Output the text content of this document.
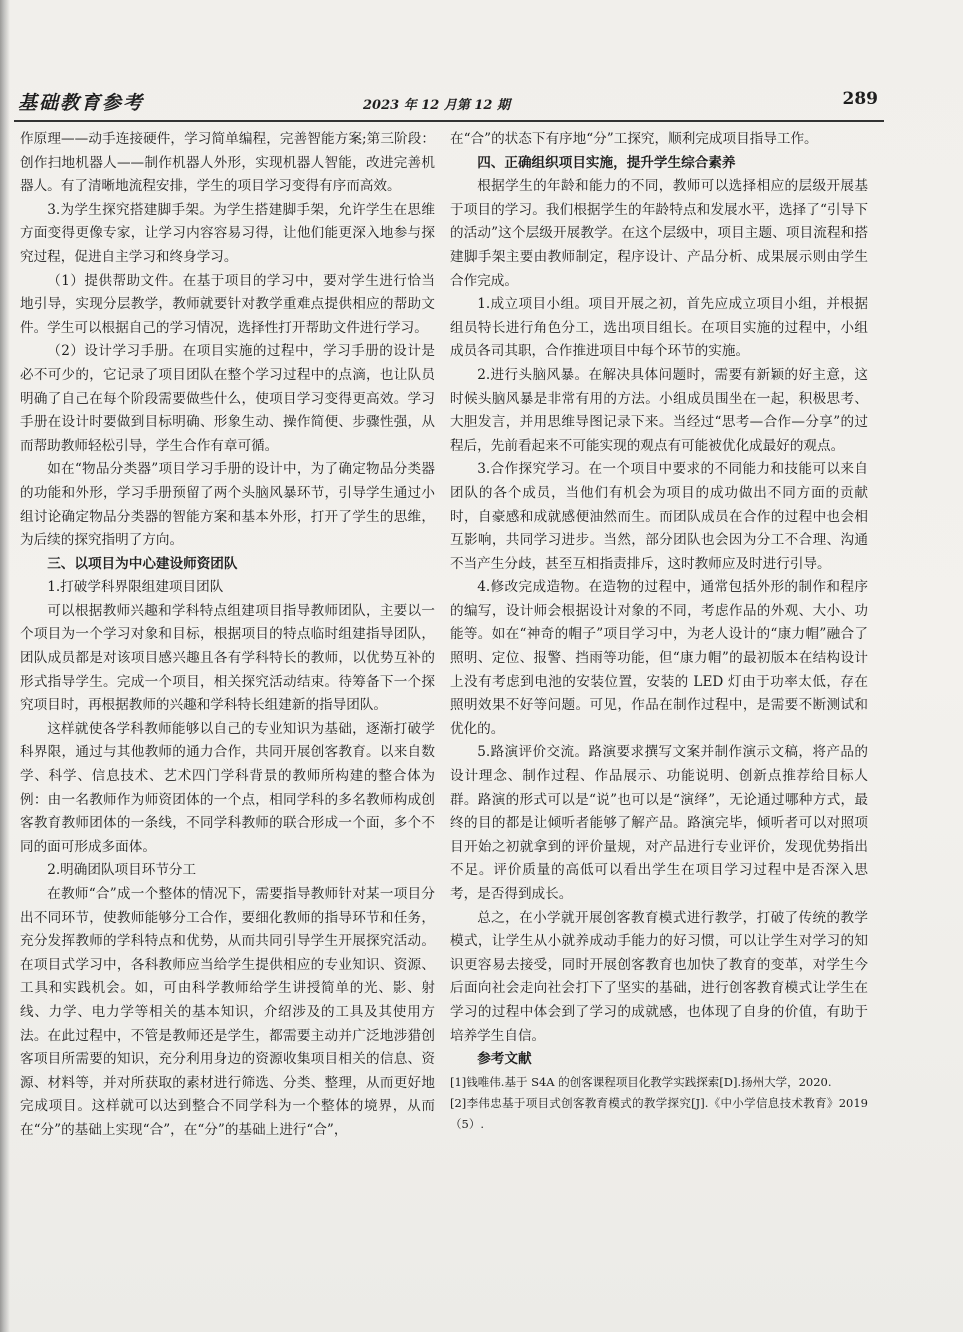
基础教育参考	2023 年 12 月第 12 期	289

作原理——动手连接硬件，学习简单编程，完善智能方案;第三阶段：创作扫地机器人——制作机器人外形，实现机器人智能，改进完善机器人。有了清晰地流程安排，学生的项目学习变得有序而高效。

3.为学生探究搭建脚手架。为学生搭建脚手架，允许学生在思维方面变得更像专家，让学习内容容易习得，让他们能更深入地参与探究过程，促进自主学习和终身学习。

（1）提供帮助文件。在基于项目的学习中，要对学生进行恰当地引导，实现分层教学，教师就要针对教学重难点提供相应的帮助文件。学生可以根据自己的学习情况，选择性打开帮助文件进行学习。

（2）设计学习手册。在项目实施的过程中，学习手册的设计是必不可少的，它记录了项目团队在整个学习过程中的点滴，也让队员明确了自己在每个阶段需要做些什么，使项目学习变得更高效。学习手册在设计时要做到目标明确、形象生动、操作简便、步骤性强，从而帮助教师轻松引导，学生合作有章可循。

如在“物品分类器”项目学习手册的设计中，为了确定物品分类器的功能和外形，学习手册预留了两个头脑风暴环节，引导学生通过小组讨论确定物品分类器的智能方案和基本外形，打开了学生的思维，为后续的探究指明了方向。

三、以项目为中心建设师资团队
1.打破学科界限组建项目团队

可以根据教师兴趣和学科特点组建项目指导教师团队，主要以一个项目为一个学习对象和目标，根据项目的特点临时组建指导团队，团队成员都是对该项目感兴趣且各有学科特长的教师，以优势互补的形式指导学生。完成一个项目，相关探究活动结束。待筹备下一个探究项目时，再根据教师的兴趣和学科特长组建新的指导团队。

这样就使各学科教师能够以自己的专业知识为基础，逐渐打破学科界限，通过与其他教师的通力合作，共同开展创客教育。以来自数学、科学、信息技术、艺术四门学科背景的教师所构建的整合体为例：由一名教师作为师资团体的一个点，相同学科的多名教师构成创客教育教师团体的一条线，不同学科教师的联合形成一个面，多个不同的面可形成多面体。

2.明确团队项目环节分工

在教师“合”成一个整体的情况下，需要指导教师针对某一项目分出不同环节，使教师能够分工合作，要细化教师的指导环节和任务，充分发挥教师的学科特点和优势，从而共同引导学生开展探究活动。在项目式学习中，各科教师应当给学生提供相应的专业知识、资源、工具和实践机会。如，可由科学教师给学生讲授简单的光、影、射线、力学、电力学等相关的基本知识，介绍涉及的工具及其使用方法。在此过程中，不管是教师还是学生，都需要主动并广泛地涉猎创客项目所需要的知识，充分利用身边的资源收集项目相关的信息、资源、材料等，并对所获取的素材进行筛选、分类、整理，从而更好地完成项目。这样就可以达到整合不同学科为一个整体的境界，从而在“分”的基础上实现“合”，在“分”的基础上进行“合”，

在“合”的状态下有序地“分”工探究，顺利完成项目指导工作。

四、正确组织项目实施，提升学生综合素养

根据学生的年龄和能力的不同，教师可以选择相应的层级开展基于项目的学习。我们根据学生的年龄特点和发展水平，选择了“引导下的活动”这个层级开展教学。在这个层级中，项目主题、项目流程和搭建脚手架主要由教师制定，程序设计、产品分析、成果展示则由学生合作完成。

1.成立项目小组。项目开展之初，首先应成立项目小组，并根据组员特长进行角色分工，选出项目组长。在项目实施的过程中，小组成员各司其职，合作推进项目中每个环节的实施。

2.进行头脑风暴。在解决具体问题时，需要有新颖的好主意，这时候头脑风暴是非常有用的方法。小组成员围坐在一起，积极思考、大胆发言，并用思维导图记录下来。当经过“思考—合作—分享”的过程后，先前看起来不可能实现的观点有可能被优化成最好的观点。

3.合作探究学习。在一个项目中要求的不同能力和技能可以来自团队的各个成员，当他们有机会为项目的成功做出不同方面的贡献时，自豪感和成就感便油然而生。而团队成员在合作的过程中也会相互影响，共同学习进步。当然，部分团队也会因为分工不合理、沟通不当产生分歧，甚至互相指责排斥，这时教师应及时进行引导。

4.修改完成造物。在造物的过程中，通常包括外形的制作和程序的编写，设计师会根据设计对象的不同，考虑作品的外观、大小、功能等。如在“神奇的帽子”项目学习中，为老人设计的“康力帽”融合了照明、定位、报警、挡雨等功能，但“康力帽”的最初版本在结构设计上没有考虑到电池的安装位置，安装的 LED 灯由于功率太低，存在照明效果不好等问题。可见，作品在制作过程中，是需要不断测试和优化的。

5.路演评价交流。路演要求撰写文案并制作演示文稿，将产品的设计理念、制作过程、作品展示、功能说明、创新点推荐给目标人群。路演的形式可以是“说”也可以是“演绎”，无论通过哪种方式，最终的目的都是让倾听者能够了解产品。路演完毕，倾听者可以对照项目开始之初就拿到的评价量规，对产品进行专业评价，发现优势指出不足。评价质量的高低可以看出学生在项目学习过程中是否深入思考，是否得到成长。

总之，在小学就开展创客教育模式进行教学，打破了传统的教学模式，让学生从小就养成动手能力的好习惯，可以让学生对学习的知识更容易去接受，同时开展创客教育也加快了教育的变革，对学生今后面向社会走向社会打下了坚实的基础，进行创客教育模式让学生在学习的过程中体会到了学习的成就感，也体现了自身的价值，有助于培养学生自信。

参考文献

[1]钱唯伟.基于 S4A 的创客课程项目化教学实践探索[D].扬州大学，2020.

[2]李伟忠基于项目式创客教育模式的教学探究[J].《中小学信息技术教育》2019（5）.
